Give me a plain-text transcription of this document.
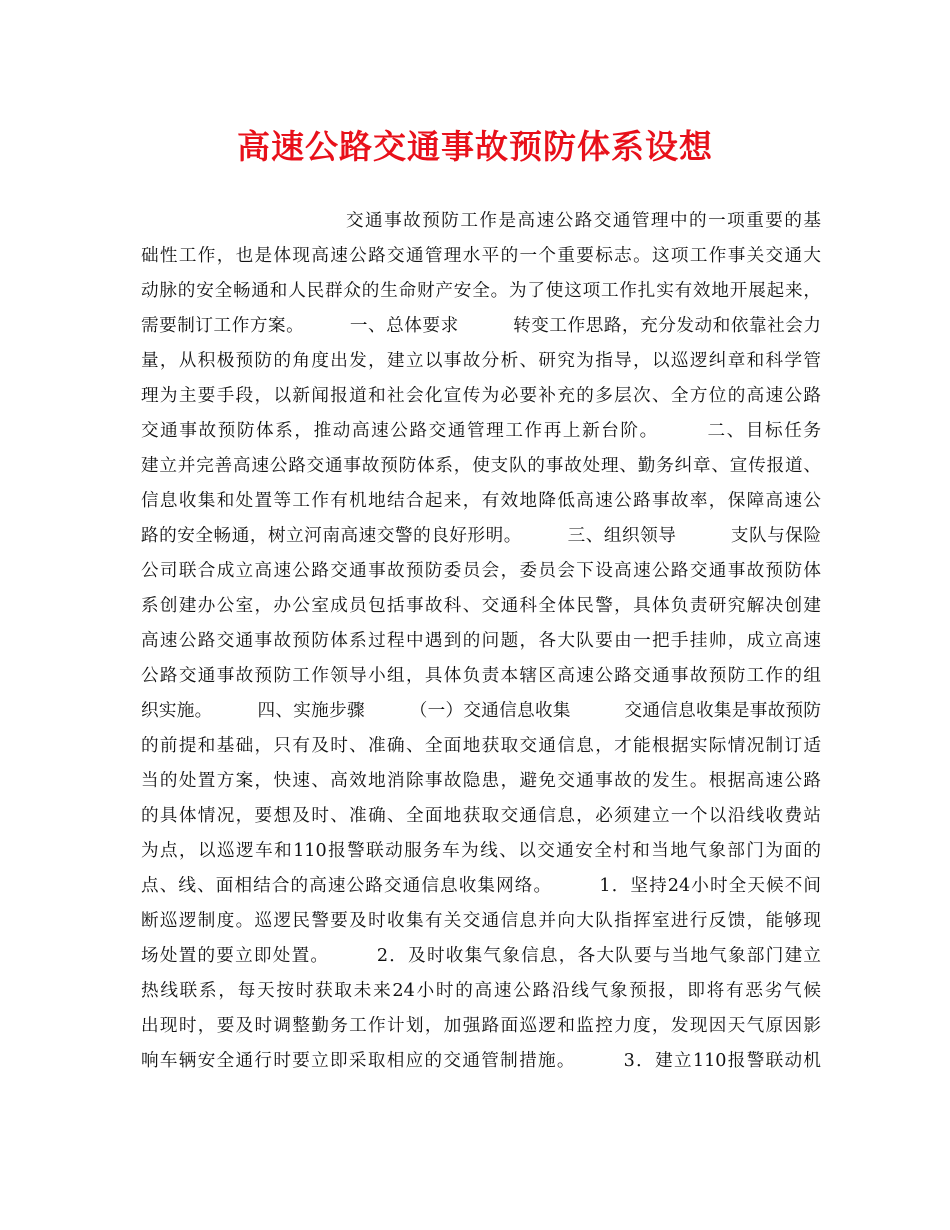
高速公路交通事故预防体系设想
交通事故预防工作是高速公路交通管理中的一项重要的基
础性工作，也是体现高速公路交通管理水平的一个重要标志。这项工作事关交通大
动脉的安全畅通和人民群众的生命财产安全。为了使这项工作扎实有效地开展起来，
需要制订工作方案。　　　一、总体要求　　　转变工作思路，充分发动和依靠社会力
量，从积极预防的角度出发，建立以事故分析、研究为指导，以巡逻纠章和科学管
理为主要手段，以新闻报道和社会化宣传为必要补充的多层次、全方位的高速公路
交通事故预防体系，推动高速公路交通管理工作再上新台阶。　　　二、目标任务
建立并完善高速公路交通事故预防体系，使支队的事故处理、勤务纠章、宣传报道、
信息收集和处置等工作有机地结合起来，有效地降低高速公路事故率，保障高速公
路的安全畅通，树立河南高速交警的良好形明。　　　三、组织领导　　　支队与保险
公司联合成立高速公路交通事故预防委员会，委员会下设高速公路交通事故预防体
系创建办公室，办公室成员包括事故科、交通科全体民警，具体负责研究解决创建
高速公路交通事故预防体系过程中遇到的问题，各大队要由一把手挂帅，成立高速
公路交通事故预防工作领导小组，具体负责本辖区高速公路交通事故预防工作的组
织实施。　　　四、实施步骤　　　（一）交通信息收集　　　交通信息收集是事故预防
的前提和基础，只有及时、准确、全面地获取交通信息，才能根据实际情况制订适
当的处置方案，快速、高效地消除事故隐患，避免交通事故的发生。根据高速公路
的具体情况，要想及时、准确、全面地获取交通信息，必须建立一个以沿线收费站
为点，以巡逻车和110报警联动服务车为线、以交通安全村和当地气象部门为面的
点、线、面相结合的高速公路交通信息收集网络。　　　1．坚持24小时全天候不间
断巡逻制度。巡逻民警要及时收集有关交通信息并向大队指挥室进行反馈，能够现
场处置的要立即处置。　　　2．及时收集气象信息，各大队要与当地气象部门建立
热线联系，每天按时获取未来24小时的高速公路沿线气象预报，即将有恶劣气候
出现时，要及时调整勤务工作计划，加强路面巡逻和监控力度，发现因天气原因影
响车辆安全通行时要立即采取相应的交通管制措施。　　　3．建立110报警联动机
